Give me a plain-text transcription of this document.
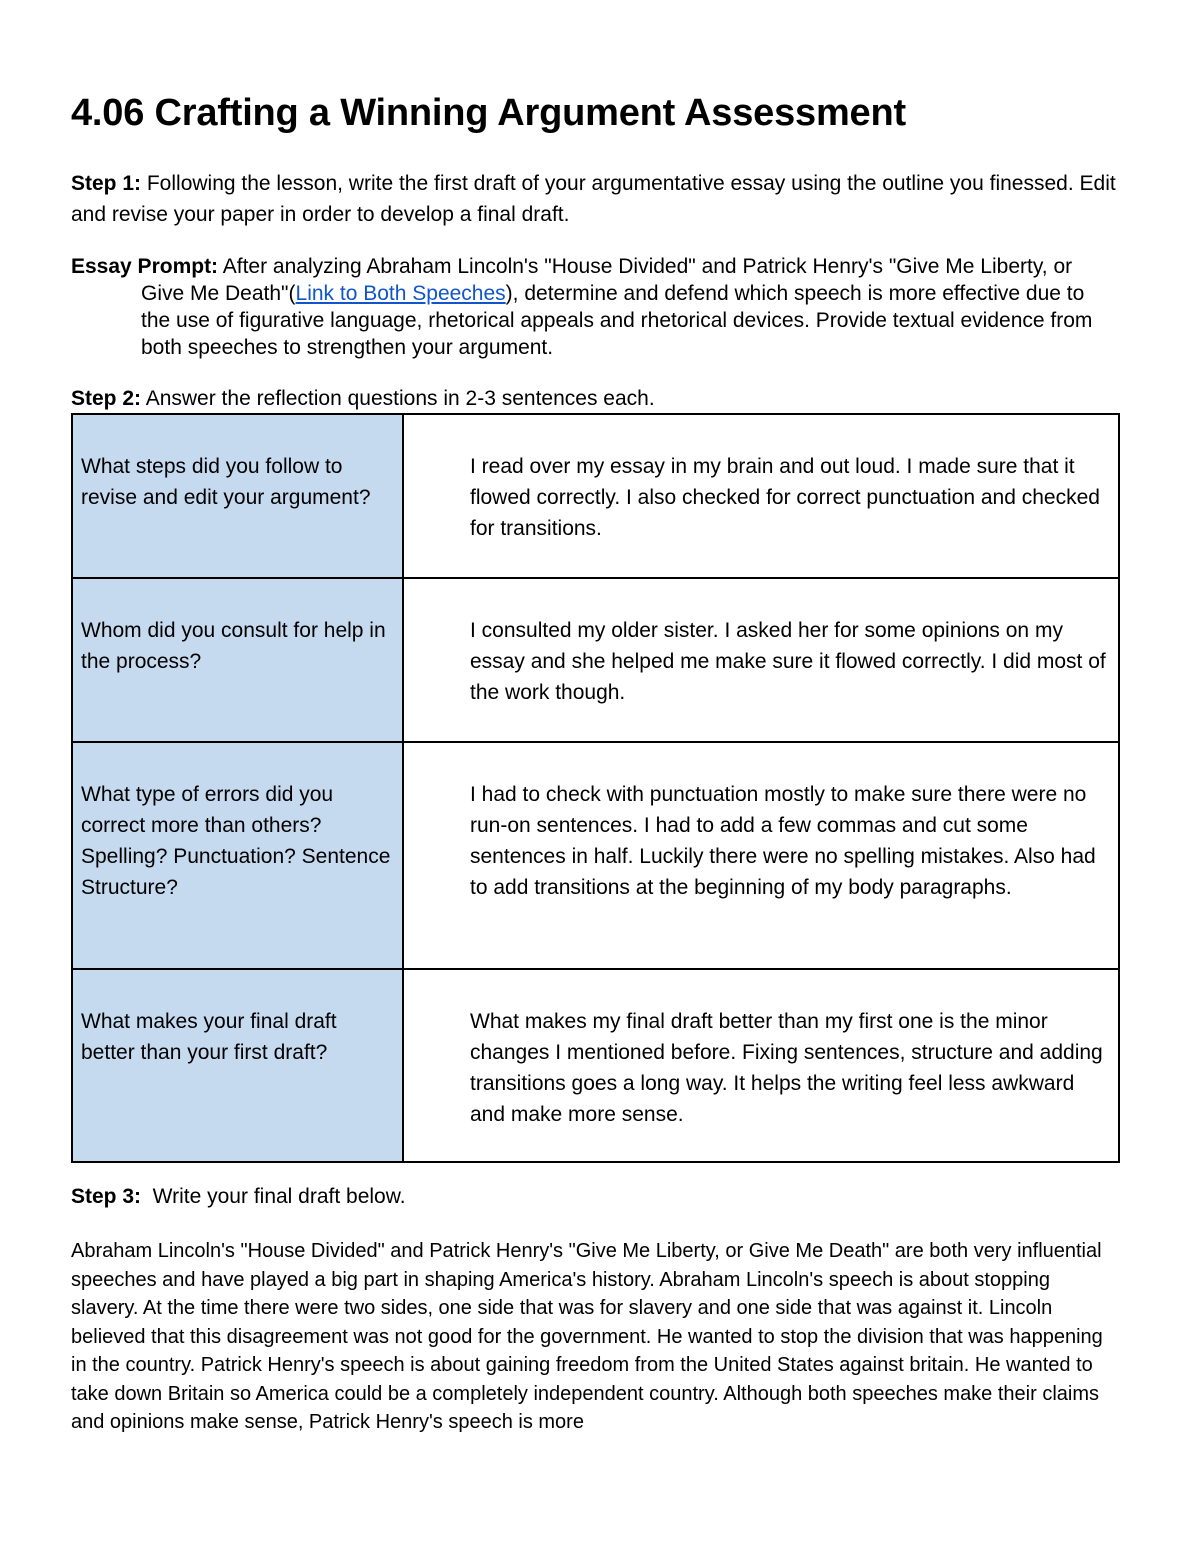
4.06 Crafting a Winning Argument Assessment

Step 1: Following the lesson, write the first draft of your argumentative essay using the outline you finessed. Edit and revise your paper in order to develop a final draft.

Essay Prompt: After analyzing Abraham Lincoln's "House Divided" and Patrick Henry's "Give Me Liberty, or Give Me Death"(Link to Both Speeches), determine and defend which speech is more effective due to the use of figurative language, rhetorical appeals and rhetorical devices. Provide textual evidence from both speeches to strengthen your argument.

Step 2: Answer the reflection questions in 2-3 sentences each.

What steps did you follow to revise and edit your argument?	I read over my essay in my brain and out loud. I made sure that it flowed correctly. I also checked for correct punctuation and checked for transitions.
Whom did you consult for help in the process?	I consulted my older sister. I asked her for some opinions on my essay and she helped me make sure it flowed correctly. I did most of the work though.
What type of errors did you correct more than others? Spelling? Punctuation? Sentence Structure?	I had to check with punctuation mostly to make sure there were no run-on sentences. I had to add a few commas and cut some sentences in half. Luckily there were no spelling mistakes. Also had to add transitions at the beginning of my body paragraphs.
What makes your final draft better than your first draft?	What makes my final draft better than my first one is the minor changes I mentioned before. Fixing sentences, structure and adding transitions goes a long way. It helps the writing feel less awkward and make more sense.

Step 3:  Write your final draft below.

Abraham Lincoln's "House Divided" and Patrick Henry's "Give Me Liberty, or Give Me Death" are both very influential speeches and have played a big part in shaping America's history. Abraham Lincoln's speech is about stopping slavery. At the time there were two sides, one side that was for slavery and one side that was against it. Lincoln believed that this disagreement was not good for the government. He wanted to stop the division that was happening in the country. Patrick Henry's speech is about gaining freedom from the United States against britain. He wanted to take down Britain so America could be a completely independent country. Although both speeches make their claims and opinions make sense, Patrick Henry's speech is more
